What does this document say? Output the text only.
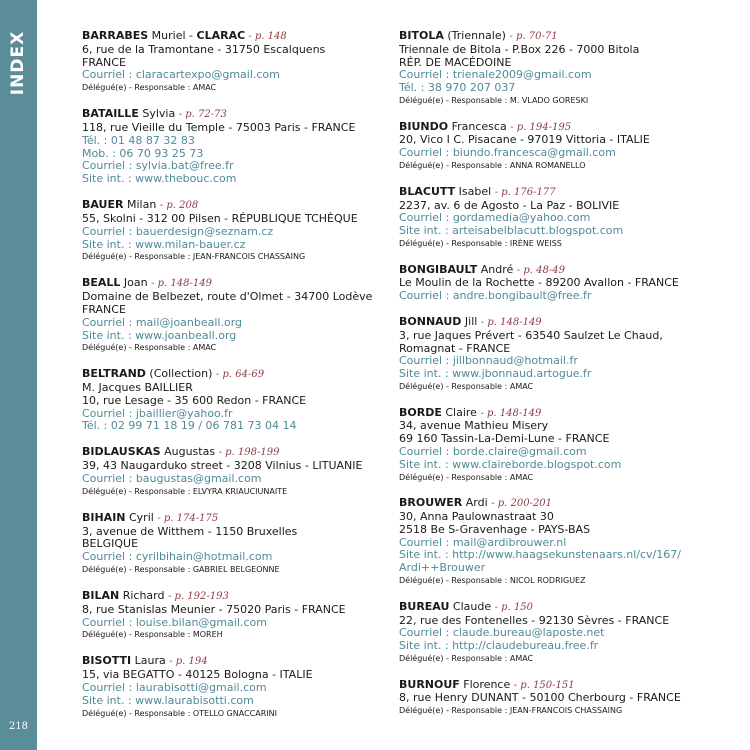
INDEX
218
BARRABES Muriel - CLARAC - p. 148
6, rue de la Tramontane - 31750 Escalquens
FRANCE
Courriel : claracartexpo@gmail.com
Délégué(e) - Responsable : AMAC
BATAILLE Sylvia - p. 72-73
118, rue Vieille du Temple - 75003 Paris - FRANCE
Tél. : 01 48 87 32 83
Mob. : 06 70 93 25 73
Courriel : sylvia.bat@free.fr
Site int. : www.thebouc.com
BAUER Milan - p. 208
55, Skolni - 312 00 Pilsen - RÉPUBLIQUE TCHÈQUE
Courriel : bauerdesign@seznam.cz
Site int. : www.milan-bauer.cz
Délégué(e) - Responsable : JEAN-FRANCOIS CHASSAING
BEALL Joan - p. 148-149
Domaine de Belbezet, route d'Olmet - 34700 Lodève
FRANCE
Courriel : mail@joanbeall.org
Site int. : www.joanbeall.org
Délégué(e) - Responsable : AMAC
BELTRAND (Collection) - p. 64-69
M. Jacques BAILLIER
10, rue Lesage - 35 600 Redon - FRANCE
Courriel : jbaillier@yahoo.fr
Tél. : 02 99 71 18 19 / 06 781 73 04 14
BIDLAUSKAS Augustas - p. 198-199
39, 43 Naugarduko street - 3208 Vilnius - LITUANIE
Courriel : baugustas@gmail.com
Délégué(e) - Responsable : ELVYRA KRIAUCIUNAITE
BIHAIN Cyril - p. 174-175
3, avenue de Witthem - 1150 Bruxelles
BELGIQUE
Courriel : cyrilbihain@hotmail.com
Délégué(e) - Responsable : GABRIEL BELGEONNE
BILAN Richard - p. 192-193
8, rue Stanislas Meunier - 75020 Paris - FRANCE
Courriel : louise.bilan@gmail.com
Délégué(e) - Responsable : MOREH
BISOTTI Laura - p. 194
15, via BEGATTO - 40125 Bologna - ITALIE
Courriel : laurabisotti@gmail.com
Site int. : www.laurabisotti.com
Délégué(e) - Responsable : OTELLO GNACCARINI
BITOLA (Triennale) - p. 70-71
Triennale de Bitola - P.Box 226 - 7000 Bitola
RÉP. DE MACÉDOINE
Courriel : trienale2009@gmail.com
Tél. : 38 970 207 037
Délégué(e) - Responsable : M. VLADO GORESKI
BIUNDO Francesca - p. 194-195
20, Vico I C. Pisacane - 97019 Vittoria - ITALIE
Courriel : biundo.francesca@gmail.com
Délégué(e) - Responsable : ANNA ROMANELLO
BLACUTT Isabel - p. 176-177
2237, av. 6 de Agosto - La Paz - BOLIVIE
Courriel : gordamedia@yahoo.com
Site int. : arteisabelblacutt.blogspot.com
Délégué(e) - Responsable : IRÈNE WEISS
BONGIBAULT André - p. 48-49
Le Moulin de la Rochette - 89200 Avallon - FRANCE
Courriel : andre.bongibault@free.fr
BONNAUD Jill - p. 148-149
3, rue Jaques Prévert - 63540 Saulzet Le Chaud,
Romagnat - FRANCE
Courriel : jillbonnaud@hotmail.fr
Site int. : www.jbonnaud.artogue.fr
Délégué(e) - Responsable : AMAC
BORDE Claire - p. 148-149
34, avenue Mathieu Misery
69 160 Tassin-La-Demi-Lune - FRANCE
Courriel : borde.claire@gmail.com
Site int. : www.claireborde.blogspot.com
Délégué(e) - Responsable : AMAC
BROUWER Ardi - p. 200-201
30, Anna Paulownastraat 30
2518 Be S-Gravenhage - PAYS-BAS
Courriel : mail@ardibrouwer.nl
Site int. : http://www.haagsekunstenaars.nl/cv/167/
Ardi++Brouwer
Délégué(e) - Responsable : NICOL RODRIGUEZ
BUREAU Claude - p. 150
22, rue des Fontenelles - 92130 Sèvres - FRANCE
Courriel : claude.bureau@laposte.net
Site int. : http://claudebureau.free.fr
Délégué(e) - Responsable : AMAC
BURNOUF Florence - p. 150-151
8, rue Henry DUNANT - 50100 Cherbourg - FRANCE
Délégué(e) - Responsable : JEAN-FRANCOIS CHASSAING
